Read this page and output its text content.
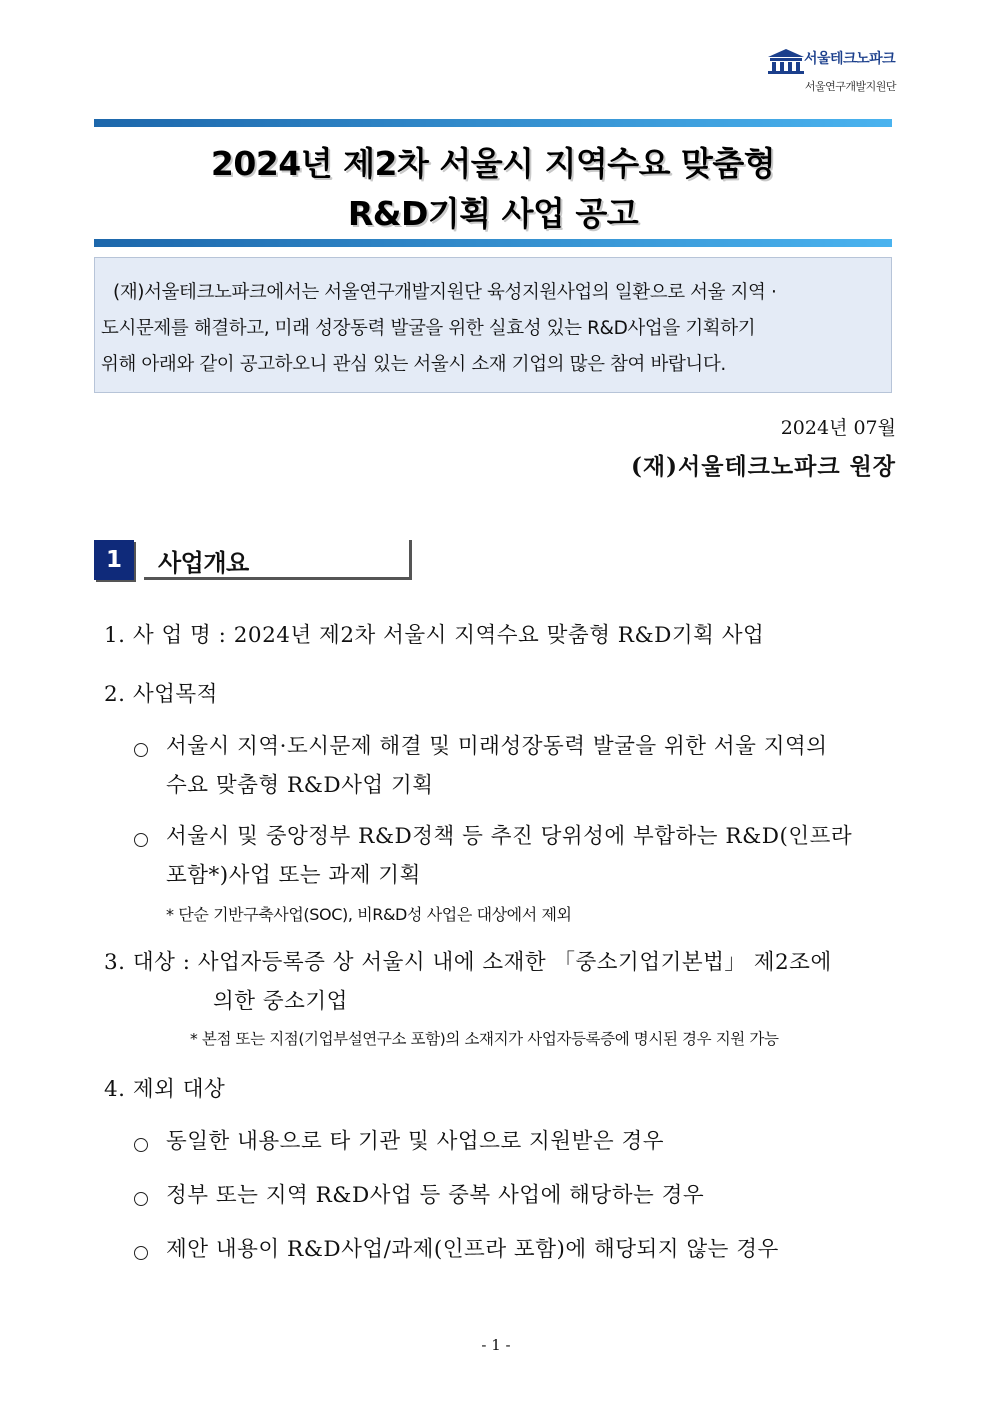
서울테크노파크
서울연구개발지원단
2024년 제2차 서울시 지역수요 맞춤형
R&D기획 사업 공고
(재)서울테크노파크에서는 서울연구개발지원단 육성지원사업의 일환으로 서울 지역 ·
도시문제를 해결하고, 미래 성장동력 발굴을 위한 실효성 있는 R&D사업을 기획하기
위해 아래와 같이 공고하오니 관심 있는 서울시 소재 기업의 많은 참여 바랍니다.
2024년 07월
(재)서울테크노파크 원장
1	사업개요
1. 사 업 명 : 2024년 제2차 서울시 지역수요 맞춤형 R&D기획 사업
2. 사업목적
서울시 지역·도시문제 해결 및 미래성장동력 발굴을 위한 서울 지역의
수요 맞춤형 R&D사업 기획
서울시 및 중앙정부 R&D정책 등 추진 당위성에 부합하는 R&D(인프라
포함*)사업 또는 과제 기획
* 단순 기반구축사업(SOC), 비R&D성 사업은 대상에서 제외
3. 대상 : 사업자등록증 상 서울시 내에 소재한 「중소기업기본법」 제2조에
의한 중소기업
* 본점 또는 지점(기업부설연구소 포함)의 소재지가 사업자등록증에 명시된 경우 지원 가능
4. 제외 대상
동일한 내용으로 타 기관 및 사업으로 지원받은 경우
정부 또는 지역 R&D사업 등 중복 사업에 해당하는 경우
제안 내용이 R&D사업/과제(인프라 포함)에 해당되지 않는 경우
- 1 -
